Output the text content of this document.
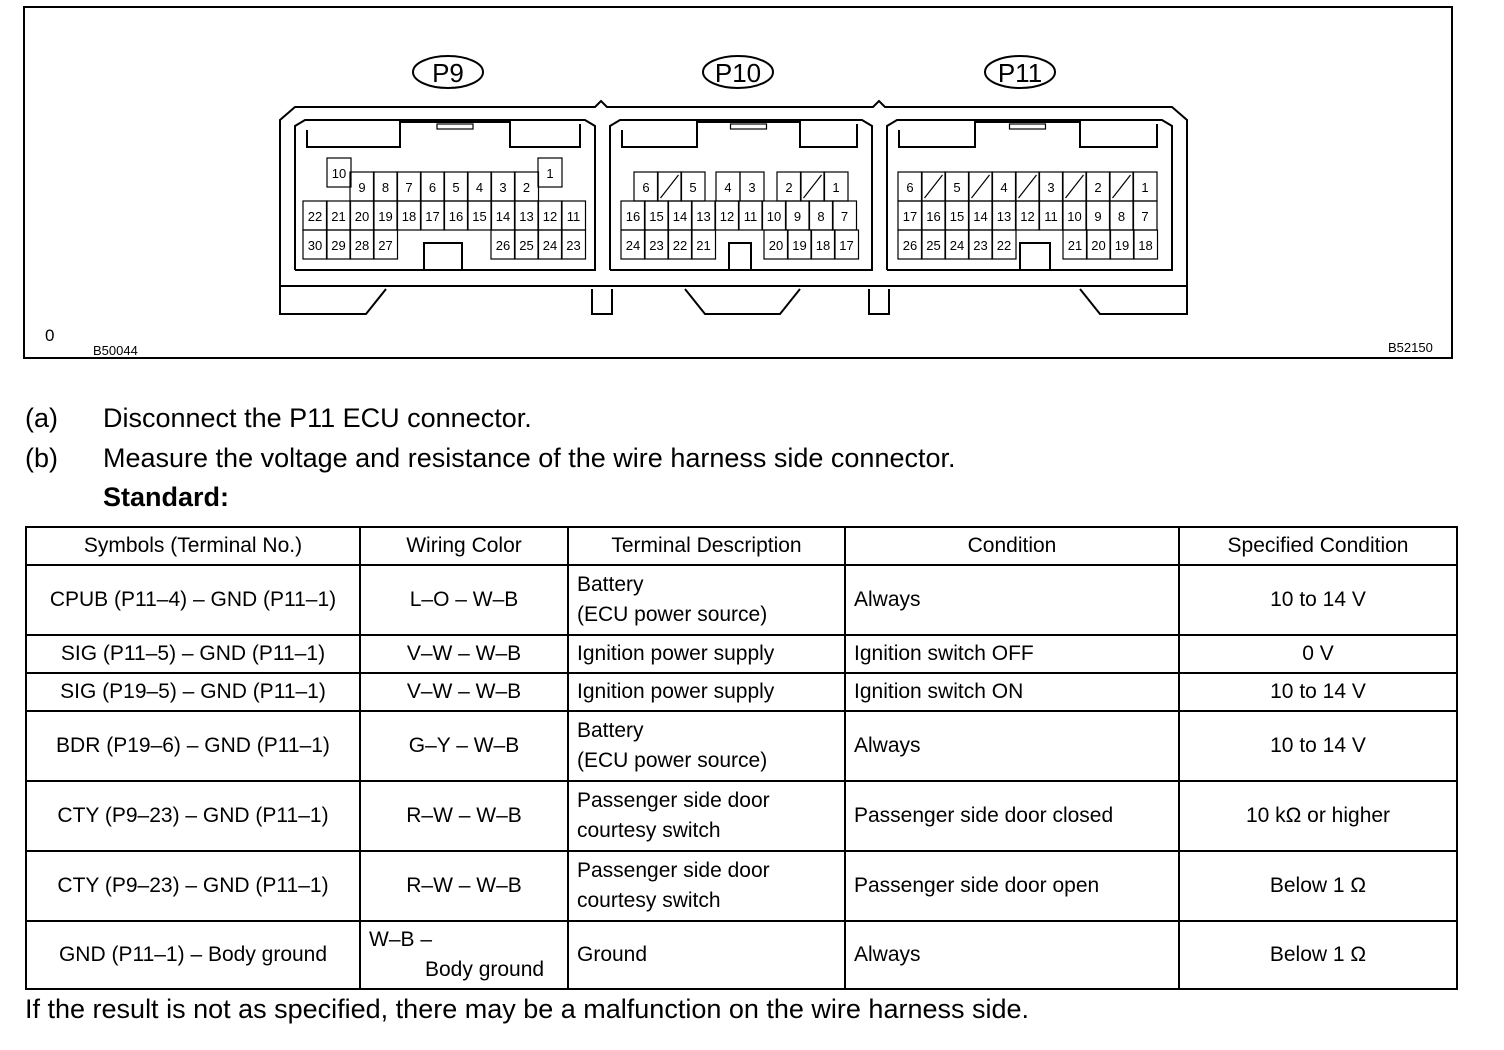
P9	P10	P11
10	1
9 8 7 6 5 4 3 2
22 21 20 19 18 17 16 15 14 13 12 11
30 29 28 27	26 25 24 23
6	5 4 3 2	1
16 15 14 13 12 11 10 9 8 7
24 23 22 21	20 19 18 17
6	5	4	3	2	1
17 16 15 14 13 12 11 10 9 8 7
26 25 24 23 22	21 20 19 18
0
B50044	B52150
(a) Disconnect the P11 ECU connector.
(b) Measure the voltage and resistance of the wire harness side connector.
Standard:
Symbols (Terminal No.)	Wiring Color	Terminal Description	Condition	Specified Condition
CPUB (P11–4) – GND (P11–1)	L–O – W–B	Battery
(ECU power source)	Always	10 to 14 V
SIG (P11–5) – GND (P11–1)	V–W – W–B	Ignition power supply	Ignition switch OFF	0 V
SIG (P19–5) – GND (P11–1)	V–W – W–B	Ignition power supply	Ignition switch ON	10 to 14 V
BDR (P19–6) – GND (P11–1)	G–Y – W–B	Battery
(ECU power source)	Always	10 to 14 V
CTY (P9–23) – GND (P11–1)	R–W – W–B	Passenger side door
courtesy switch	Passenger side door closed	10 kΩ or higher
CTY (P9–23) – GND (P11–1)	R–W – W–B	Passenger side door
courtesy switch	Passenger side door open	Below 1 Ω
GND (P11–1) – Body ground	W–B –
Body ground	Ground	Always	Below 1 Ω
If the result is not as specified, there may be a malfunction on the wire harness side.
